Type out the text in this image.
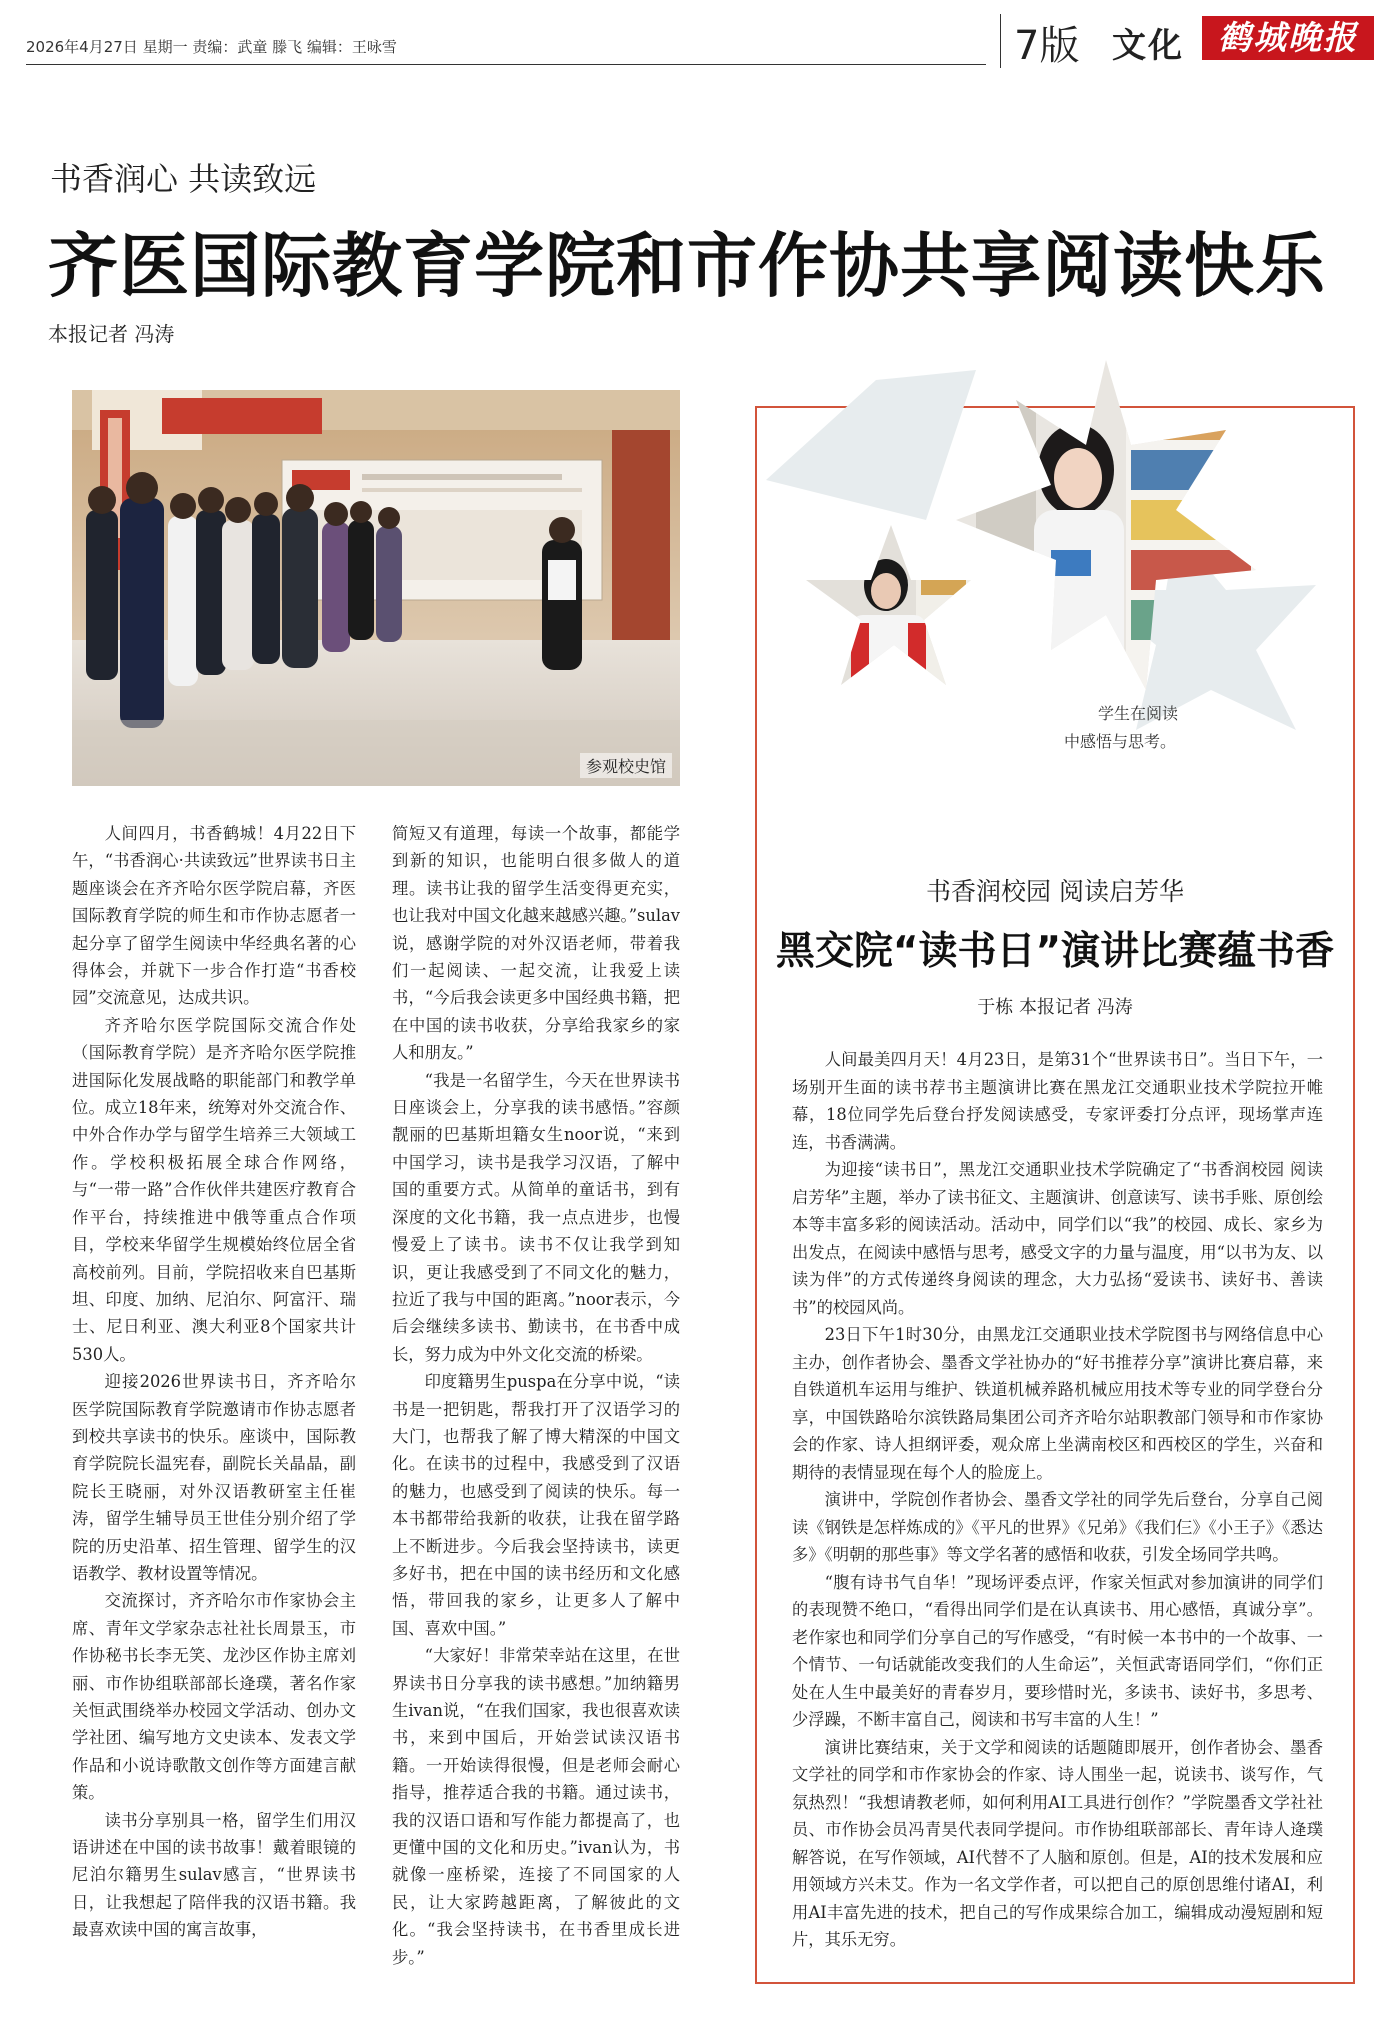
2026年4月27日 星期一 责编：武童 滕飞 编辑：王咏雪	7版 文化	鹤城晚报
书香润心 共读致远
齐医国际教育学院和市作协共享阅读快乐
本报记者 冯涛
参观校史馆

人间四月，书香鹤城！4月22日下午，“书香润心·共读致远”世界读书日主题座谈会在齐齐哈尔医学院启幕，齐医国际教育学院的师生和市作协志愿者一起分享了留学生阅读中华经典名著的心得体会，并就下一步合作打造“书香校园”交流意见，达成共识。

齐齐哈尔医学院国际交流合作处（国际教育学院）是齐齐哈尔医学院推进国际化发展战略的职能部门和教学单位。成立18年来，统筹对外交流合作、中外合作办学与留学生培养三大领域工作。学校积极拓展全球合作网络，与“一带一路”合作伙伴共建医疗教育合作平台，持续推进中俄等重点合作项目，学校来华留学生规模始终位居全省高校前列。目前，学院招收来自巴基斯坦、印度、加纳、尼泊尔、阿富汗、瑞士、尼日利亚、澳大利亚8个国家共计530人。

迎接2026世界读书日，齐齐哈尔医学院国际教育学院邀请市作协志愿者到校共享读书的快乐。座谈中，国际教育学院院长温宪春，副院长关晶晶，副院长王晓丽，对外汉语教研室主任崔涛，留学生辅导员王世佳分别介绍了学院的历史沿革、招生管理、留学生的汉语教学、教材设置等情况。

交流探讨，齐齐哈尔市作家协会主席、青年文学家杂志社社长周景玉，市作协秘书长李无笑、龙沙区作协主席刘丽、市作协组联部部长逄璞，著名作家关恒武围绕举办校园文学活动、创办文学社团、编写地方文史读本、发表文学作品和小说诗歌散文创作等方面建言献策。

读书分享别具一格，留学生们用汉语讲述在中国的读书故事！戴着眼镜的尼泊尔籍男生sulav感言，“世界读书日，让我想起了陪伴我的汉语书籍。我最喜欢读中国的寓言故事，

简短又有道理，每读一个故事，都能学到新的知识，也能明白很多做人的道理。读书让我的留学生活变得更充实，也让我对中国文化越来越感兴趣。”sulav说，感谢学院的对外汉语老师，带着我们一起阅读、一起交流，让我爱上读书，“今后我会读更多中国经典书籍，把在中国的读书收获，分享给我家乡的家人和朋友。”

“我是一名留学生，今天在世界读书日座谈会上，分享我的读书感悟。”容颜靓丽的巴基斯坦籍女生noor说，“来到中国学习，读书是我学习汉语，了解中国的重要方式。从简单的童话书，到有深度的文化书籍，我一点点进步，也慢慢爱上了读书。读书不仅让我学到知识，更让我感受到了不同文化的魅力，拉近了我与中国的距离。”noor表示，今后会继续多读书、勤读书，在书香中成长，努力成为中外文化交流的桥梁。

印度籍男生puspa在分享中说，“读书是一把钥匙，帮我打开了汉语学习的大门，也帮我了解了博大精深的中国文化。在读书的过程中，我感受到了汉语的魅力，也感受到了阅读的快乐。每一本书都带给我新的收获，让我在留学路上不断进步。今后我会坚持读书，读更多好书，把在中国的读书经历和文化感悟，带回我的家乡，让更多人了解中国、喜欢中国。”

“大家好！非常荣幸站在这里，在世界读书日分享我的读书感想。”加纳籍男生ivan说，“在我们国家，我也很喜欢读书，来到中国后，开始尝试读汉语书籍。一开始读得很慢，但是老师会耐心指导，推荐适合我的书籍。通过读书，我的汉语口语和写作能力都提高了，也更懂中国的文化和历史。”ivan认为，书就像一座桥梁，连接了不同国家的人民，让大家跨越距离，了解彼此的文化。“我会坚持读书，在书香里成长进步。”

学生在阅读
中感悟与思考。
书香润校园 阅读启芳华
黑交院“读书日”演讲比赛蕴书香
于栋 本报记者 冯涛

人间最美四月天！4月23日，是第31个“世界读书日”。当日下午，一场别开生面的读书荐书主题演讲比赛在黑龙江交通职业技术学院拉开帷幕，18位同学先后登台抒发阅读感受，专家评委打分点评，现场掌声连连，书香满满。

为迎接“读书日”，黑龙江交通职业技术学院确定了“书香润校园 阅读启芳华”主题，举办了读书征文、主题演讲、创意读写、读书手账、原创绘本等丰富多彩的阅读活动。活动中，同学们以“我”的校园、成长、家乡为出发点，在阅读中感悟与思考，感受文字的力量与温度，用“以书为友、以读为伴”的方式传递终身阅读的理念，大力弘扬“爱读书、读好书、善读书”的校园风尚。

23日下午1时30分，由黑龙江交通职业技术学院图书与网络信息中心主办，创作者协会、墨香文学社协办的“好书推荐分享”演讲比赛启幕，来自铁道机车运用与维护、铁道机械养路机械应用技术等专业的同学登台分享，中国铁路哈尔滨铁路局集团公司齐齐哈尔站职教部门领导和市作家协会的作家、诗人担纲评委，观众席上坐满南校区和西校区的学生，兴奋和期待的表情显现在每个人的脸庞上。

演讲中，学院创作者协会、墨香文学社的同学先后登台，分享自己阅读《钢铁是怎样炼成的》《平凡的世界》《兄弟》《我们仨》《小王子》《悉达多》《明朝的那些事》等文学名著的感悟和收获，引发全场同学共鸣。

“腹有诗书气自华！”现场评委点评，作家关恒武对参加演讲的同学们的表现赞不绝口，“看得出同学们是在认真读书、用心感悟，真诚分享”。老作家也和同学们分享自己的写作感受，“有时候一本书中的一个故事、一个情节、一句话就能改变我们的人生命运”，关恒武寄语同学们，“你们正处在人生中最美好的青春岁月，要珍惜时光，多读书、读好书，多思考、少浮躁，不断丰富自己，阅读和书写丰富的人生！”

演讲比赛结束，关于文学和阅读的话题随即展开，创作者协会、墨香文学社的同学和市作家协会的作家、诗人围坐一起，说读书、谈写作，气氛热烈！“我想请教老师，如何利用AI工具进行创作？”学院墨香文学社社员、市作协会员冯青昊代表同学提问。市作协组联部部长、青年诗人逄璞解答说，在写作领域，AI代替不了人脑和原创。但是，AI的技术发展和应用领域方兴未艾。作为一名文学作者，可以把自己的原创思维付诸AI，利用AI丰富先进的技术，把自己的写作成果综合加工，编辑成动漫短剧和短片，其乐无穷。
